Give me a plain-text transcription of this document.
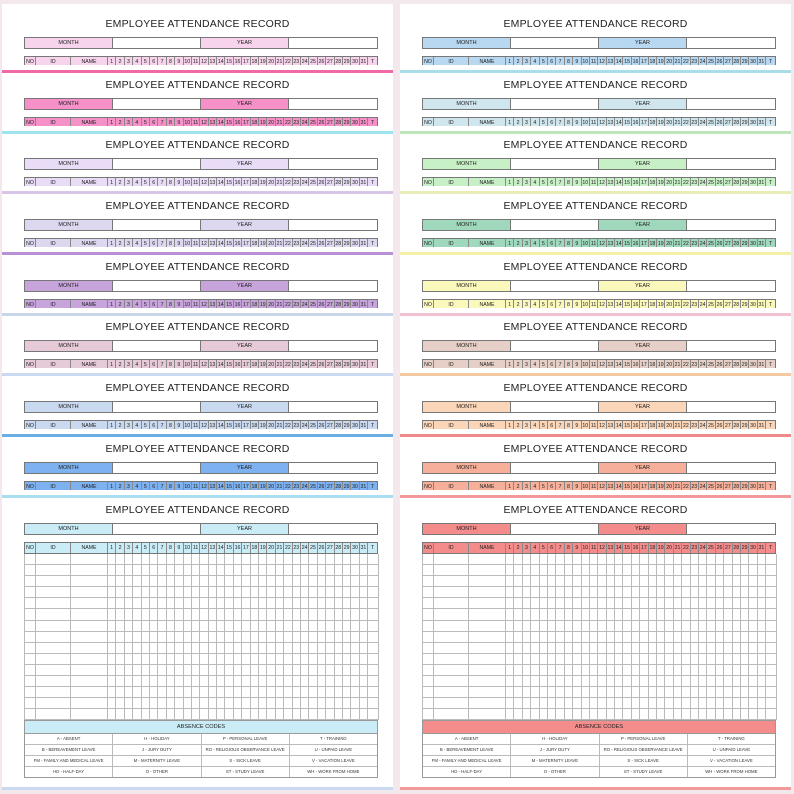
EMPLOYEE ATTENDANCE RECORD
MONTH	YEAR
NO	ID	NAME	1	2	3	4	5	6	7	8	9 10 11 12 13 14 15 16 17 18 19 20 21 22 23 24 25 26 27 28 29 30 31 T
EMPLOYEE ATTENDANCE RECORD
MONTH	YEAR
NO	ID	NAME	1	2	3	4	5	6	7	8	9 10 11 12 13 14 15 16 17 18 19 20 21 22 23 24 25 26 27 28 29 30 31 T
EMPLOYEE ATTENDANCE RECORD
MONTH	YEAR
NO	ID	NAME	1	2	3	4	5	6	7	8	9 10 11 12 13 14 15 16 17 18 19 20 21 22 23 24 25 26 27 28 29 30 31 T
EMPLOYEE ATTENDANCE RECORD
MONTH	YEAR
NO	ID	NAME	1	2	3	4	5	6	7	8	9 10 11 12 13 14 15 16 17 18 19 20 21 22 23 24 25 26 27 28 29 30 31 T
EMPLOYEE ATTENDANCE RECORD
MONTH	YEAR
NO	ID	NAME	1	2	3	4	5	6	7	8	9 10 11 12 13 14 15 16 17 18 19 20 21 22 23 24 25 26 27 28 29 30 31 T
EMPLOYEE ATTENDANCE RECORD
MONTH	YEAR
NO	ID	NAME	1	2	3	4	5	6	7	8	9 10 11 12 13 14 15 16 17 18 19 20 21 22 23 24 25 26 27 28 29 30 31 T
EMPLOYEE ATTENDANCE RECORD
MONTH	YEAR
NO	ID	NAME	1	2	3	4	5	6	7	8	9 10 11 12 13 14 15 16 17 18 19 20 21 22 23 24 25 26 27 28 29 30 31 T
EMPLOYEE ATTENDANCE RECORD
MONTH	YEAR
NO	ID	NAME	1	2	3	4	5	6	7	8	9 10 11 12 13 14 15 16 17 18 19 20 21 22 23 24 25 26 27 28 29 30 31 T
EMPLOYEE ATTENDANCE RECORD
MONTH	YEAR
NO	ID	NAME	1	2	3	4	5	6	7	8	9 10 11 12 13 14 15 16 17 18 19 20 21 22 23 24 25 26 27 28 29 30 31 T
ABSENCE CODES
A - ABSENT	H - HOLIDAY	P - PERSONAL LEAVE	T - TRAINING
B - BEREAVEMENT LEAVE	J - JURY DUTY	RO - RELIGIOUS OBSERVANCE LEAVE	U - UNPAID LEAVE
FM - FAMILY AND MEDICAL LEAVE	M - MATERNITY LEAVE	S - SICK LEAVE	V - VACATION LEAVE
HD - HALF-DAY	O - OTHER	ST - STUDY LEAVE	WH - WORK FROM HOME
EMPLOYEE ATTENDANCE RECORD
MONTH	YEAR
NO	ID	NAME	1	2	3	4	5	6	7	8	9 10 11 12 13 14 15 16 17 18 19 20 21 22 23 24 25 26 27 28 29 30 31 T
EMPLOYEE ATTENDANCE RECORD
MONTH	YEAR
NO	ID	NAME	1	2	3	4	5	6	7	8	9 10 11 12 13 14 15 16 17 18 19 20 21 22 23 24 25 26 27 28 29 30 31 T
EMPLOYEE ATTENDANCE RECORD
MONTH	YEAR
NO	ID	NAME	1	2	3	4	5	6	7	8	9 10 11 12 13 14 15 16 17 18 19 20 21 22 23 24 25 26 27 28 29 30 31 T
EMPLOYEE ATTENDANCE RECORD
MONTH	YEAR
NO	ID	NAME	1	2	3	4	5	6	7	8	9 10 11 12 13 14 15 16 17 18 19 20 21 22 23 24 25 26 27 28 29 30 31 T
EMPLOYEE ATTENDANCE RECORD
MONTH	YEAR
NO	ID	NAME	1	2	3	4	5	6	7	8	9 10 11 12 13 14 15 16 17 18 19 20 21 22 23 24 25 26 27 28 29 30 31 T
EMPLOYEE ATTENDANCE RECORD
MONTH	YEAR
NO	ID	NAME	1	2	3	4	5	6	7	8	9 10 11 12 13 14 15 16 17 18 19 20 21 22 23 24 25 26 27 28 29 30 31 T
EMPLOYEE ATTENDANCE RECORD
MONTH	YEAR
NO	ID	NAME	1	2	3	4	5	6	7	8	9 10 11 12 13 14 15 16 17 18 19 20 21 22 23 24 25 26 27 28 29 30 31 T
EMPLOYEE ATTENDANCE RECORD
MONTH	YEAR
NO	ID	NAME	1	2	3	4	5	6	7	8	9 10 11 12 13 14 15 16 17 18 19 20 21 22 23 24 25 26 27 28 29 30 31 T
EMPLOYEE ATTENDANCE RECORD
MONTH	YEAR
NO	ID	NAME	1	2	3	4	5	6	7	8	9 10 11 12 13 14 15 16 17 18 19 20 21 22 23 24 25 26 27 28 29 30 31 T
ABSENCE CODES
A - ABSENT	H - HOLIDAY	P - PERSONAL LEAVE	T - TRAINING
B - BEREAVEMENT LEAVE	J - JURY DUTY	RO - RELIGIOUS OBSERVANCE LEAVE	U - UNPAID LEAVE
FM - FAMILY AND MEDICAL LEAVE	M - MATERNITY LEAVE	S - SICK LEAVE	V - VACATION LEAVE
HD - HALF-DAY	O - OTHER	ST - STUDY LEAVE	WH - WORK FROM HOME
